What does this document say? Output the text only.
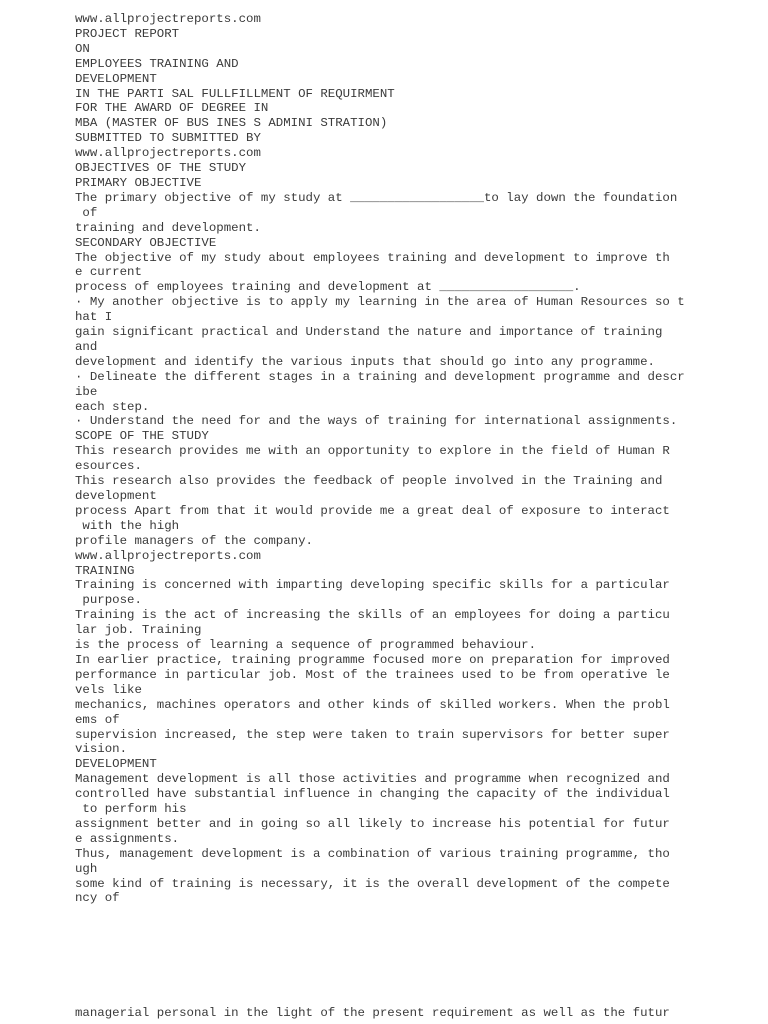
www.allprojectreports.com
PROJECT REPORT
ON
EMPLOYEES TRAINING AND
DEVELOPMENT
IN THE PARTI SAL FULLFILLMENT OF REQUIRMENT
FOR THE AWARD OF DEGREE IN
MBA (MASTER OF BUS INES S ADMINI STRATION)
SUBMITTED TO SUBMITTED BY
www.allprojectreports.com
OBJECTIVES OF THE STUDY
PRIMARY OBJECTIVE
The primary objective of my study at __________________to lay down the foundation
of
training and development.
SECONDARY OBJECTIVE
The objective of my study about employees training and development to improve th
e current
process of employees training and development at __________________.
· My another objective is to apply my learning in the area of Human Resources so t
hat I
gain significant practical and Understand the nature and importance of training
and
development and identify the various inputs that should go into any programme.
· Delineate the different stages in a training and development programme and descr
ibe
each step.
· Understand the need for and the ways of training for international assignments.
SCOPE OF THE STUDY
This research provides me with an opportunity to explore in the field of Human R
esources.
This research also provides the feedback of people involved in the Training and
development
process Apart from that it would provide me a great deal of exposure to interact
with the high
profile managers of the company.
www.allprojectreports.com
TRAINING
Training is concerned with imparting developing specific skills for a particular
purpose.
Training is the act of increasing the skills of an employees for doing a particu
lar job. Training
is the process of learning a sequence of programmed behaviour.
In earlier practice, training programme focused more on preparation for improved
performance in particular job. Most of the trainees used to be from operative le
vels like
mechanics, machines operators and other kinds of skilled workers. When the probl
ems of
supervision increased, the step were taken to train supervisors for better super
vision.
DEVELOPMENT
Management development is all those activities and programme when recognized and
controlled have substantial influence in changing the capacity of the individual
to perform his
assignment better and in going so all likely to increase his potential for futur
e assignments.
Thus, management development is a combination of various training programme, tho
ugh
some kind of training is necessary, it is the overall development of the compete
ncy of
managerial personal in the light of the present requirement as well as the futur
